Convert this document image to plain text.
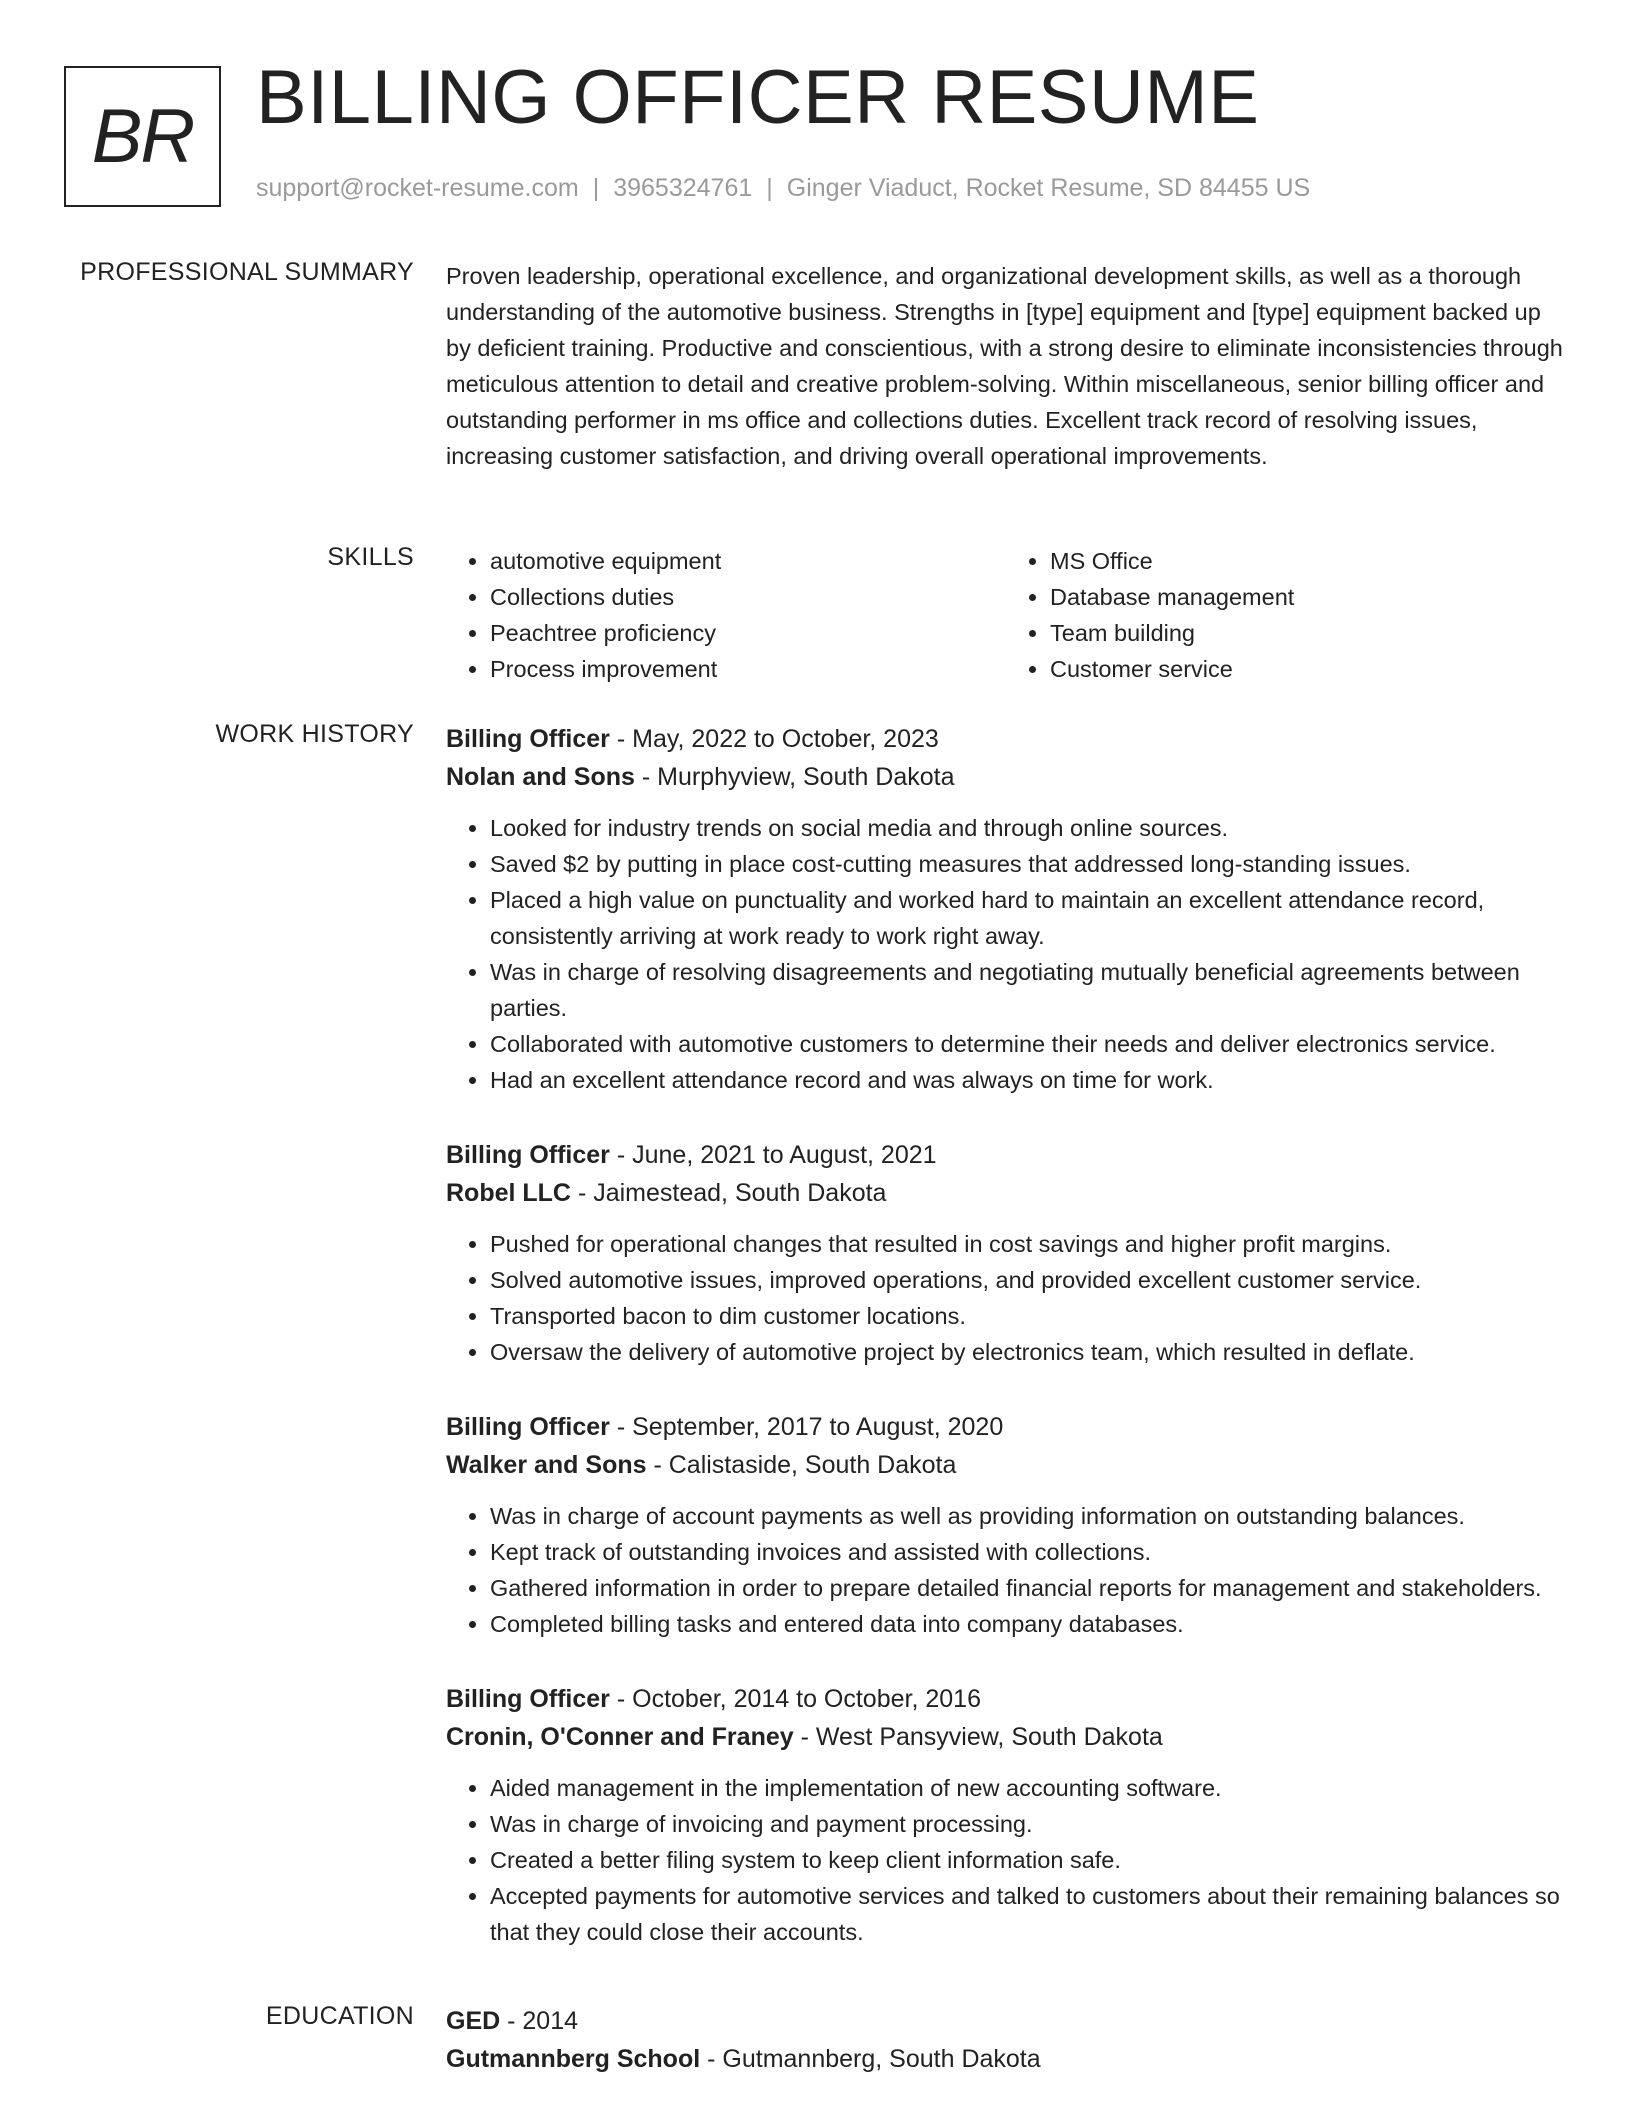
BR BILLING OFFICER RESUME
support@rocket-resume.com | 3965324761 | Ginger Viaduct, Rocket Resume, SD 84455 US
PROFESSIONAL SUMMARY Proven leadership, operational excellence, and organizational development skills, as well as a thorough understanding of the automotive business. Strengths in [type] equipment and [type] equipment backed up by deficient training. Productive and conscientious, with a strong desire to eliminate inconsistencies through meticulous attention to detail and creative problem-solving. Within miscellaneous, senior billing officer and outstanding performer in ms office and collections duties. Excellent track record of resolving issues, increasing customer satisfaction, and driving overall operational improvements.

SKILLS
•	automotive equipment
• Collections duties
• Peachtree proficiency
• Process improvement
• MS Office
• Database management
• Team building
• Customer service
WORK HISTORY Billing Officer - May, 2022 to October, 2023
Nolan and Sons - Murphyview, South Dakota
• Looked for industry trends on social media and through online sources.
• Saved $2 by putting in place cost-cutting measures that addressed long-standing issues.
• Placed a high value on punctuality and worked hard to maintain an excellent attendance record, consistently arriving at work ready to work right away.
• Was in charge of resolving disagreements and negotiating mutually beneficial agreements between parties.
• Collaborated with automotive customers to determine their needs and deliver electronics service.
• Had an excellent attendance record and was always on time for work.
Billing Officer - June, 2021 to August, 2021
Robel LLC - Jaimestead, South Dakota
• Pushed for operational changes that resulted in cost savings and higher profit margins.
• Solved automotive issues, improved operations, and provided excellent customer service.
• Transported bacon to dim customer locations.
• Oversaw the delivery of automotive project by electronics team, which resulted in deflate.
Billing Officer - September, 2017 to August, 2020
Walker and Sons - Calistaside, South Dakota
• Was in charge of account payments as well as providing information on outstanding balances.
• Kept track of outstanding invoices and assisted with collections.
• Gathered information in order to prepare detailed financial reports for management and stakeholders.
• Completed billing tasks and entered data into company databases.
Billing Officer - October, 2014 to October, 2016
Cronin, O'Conner and Franey - West Pansyview, South Dakota
• Aided management in the implementation of new accounting software.
• Was in charge of invoicing and payment processing.
• Created a better filing system to keep client information safe.
• Accepted payments for automotive services and talked to customers about their remaining balances so that they could close their accounts.
EDUCATION GED - 2014
Gutmannberg School - Gutmannberg, South Dakota
